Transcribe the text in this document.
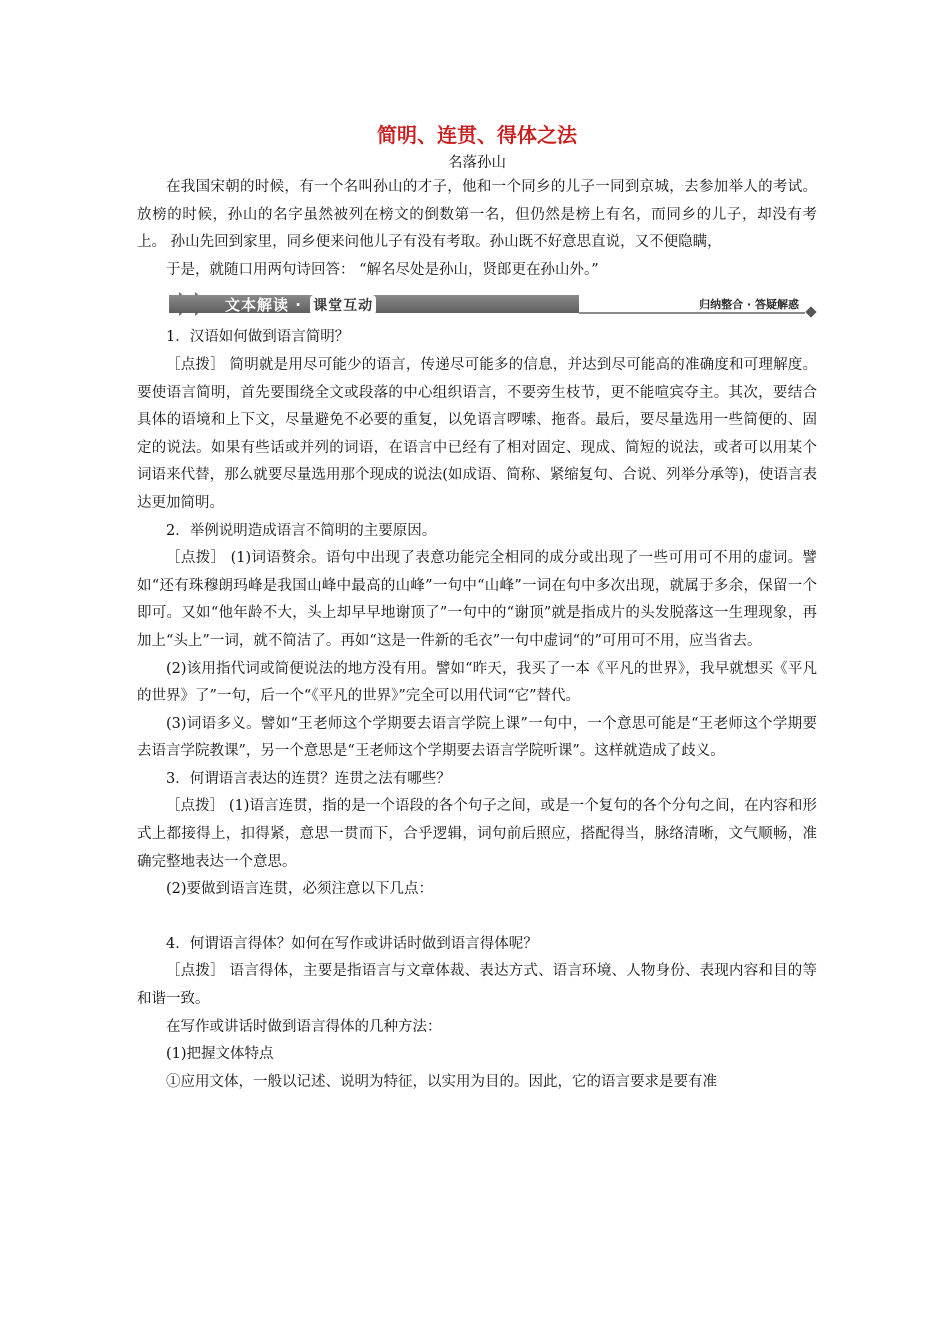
简明、连贯、得体之法
名落孙山

在我国宋朝的时候，有一个名叫孙山的才子，他和一个同乡的儿子一同到京城，去参加举人的考试。 放榜的时候，孙山的名字虽然被列在榜文的倒数第一名，但仍然是榜上有名，而同乡的儿子，却没有考上。 孙山先回到家里，同乡便来问他儿子有没有考取。孙山既不好意思直说，又不便隐瞒，

于是，就随口用两句诗回答： “解名尽处是孙山，贤郎更在孙山外。”

文本解读 · 课堂互动	归纳整合 · 答疑解惑

1．汉语如何做到语言简明？

［点拨］ 简明就是用尽可能少的语言，传递尽可能多的信息，并达到尽可能高的准确度和可理解度。要使语言简明，首先要围绕全文或段落的中心组织语言，不要旁生枝节，更不能喧宾夺主。其次，要结合具体的语境和上下文，尽量避免不必要的重复，以免语言啰嗦、拖沓。最后，要尽量选用一些简便的、固定的说法。如果有些话或并列的词语，在语言中已经有了相对固定、现成、简短的说法，或者可以用某个词语来代替，那么就要尽量选用那个现成的说法(如成语、简称、紧缩复句、合说、列举分承等)，使语言表达更加简明。

2．举例说明造成语言不简明的主要原因。

［点拨］ (1)词语赘余。语句中出现了表意功能完全相同的成分或出现了一些可用可不用的虚词。譬如“还有珠穆朗玛峰是我国山峰中最高的山峰”一句中“山峰”一词在句中多次出现，就属于多余，保留一个即可。又如“他年龄不大，头上却早早地谢顶了”一句中的“谢顶”就是指成片的头发脱落这一生理现象，再加上“头上”一词，就不简洁了。再如“这是一件新的毛衣”一句中虚词“的”可用可不用，应当省去。

(2)该用指代词或简便说法的地方没有用。譬如“昨天，我买了一本《平凡的世界》，我早就想买《平凡的世界》了”一句，后一个“《平凡的世界》”完全可以用代词“它”替代。

(3)词语多义。譬如“王老师这个学期要去语言学院上课”一句中，一个意思可能是“王老师这个学期要去语言学院教课”，另一个意思是“王老师这个学期要去语言学院听课”。这样就造成了歧义。

3．何谓语言表达的连贯？连贯之法有哪些？

［点拨］ (1)语言连贯，指的是一个语段的各个句子之间，或是一个复句的各个分句之间，在内容和形式上都接得上，扣得紧，意思一贯而下，合乎逻辑，词句前后照应，搭配得当，脉络清晰，文气顺畅，准确完整地表达一个意思。

(2)要做到语言连贯，必须注意以下几点：

4．何谓语言得体？如何在写作或讲话时做到语言得体呢？

［点拨］ 语言得体，主要是指语言与文章体裁、表达方式、语言环境、人物身份、表现内容和目的等和谐一致。

在写作或讲话时做到语言得体的几种方法：

(1)把握文体特点

①应用文体，一般以记述、说明为特征，以实用为目的。因此，它的语言要求是要有准
